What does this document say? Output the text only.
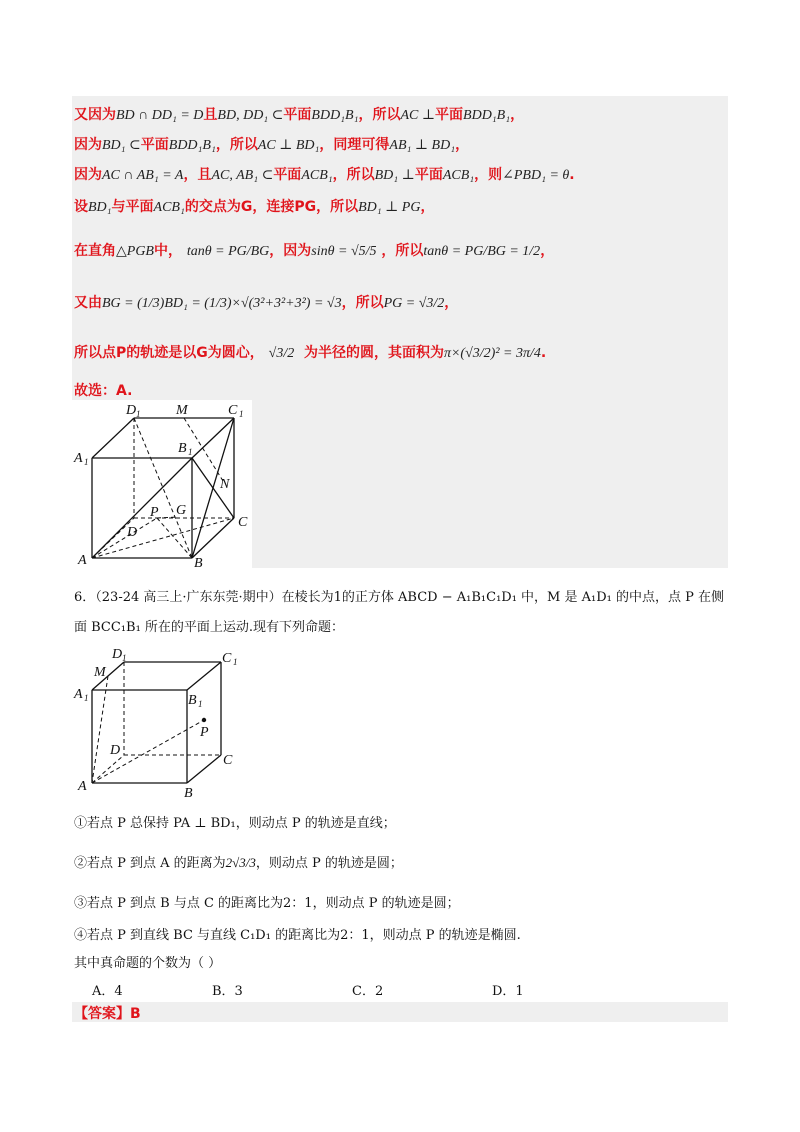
又因为BD ∩ DD₁ = D且BD, DD₁ ⊂平面BDD₁B₁，所以AC ⊥平面BDD₁B₁，
因为BD₁ ⊂平面BDD₁B₁，所以AC ⊥ BD₁，同理可得AB₁ ⊥ BD₁，
因为AC ∩ AB₁ = A，且AC, AB₁ ⊂平面ACB₁，所以BD₁ ⊥平面ACB₁，则∠PBD₁ = θ.
设BD₁与平面ACB₁的交点为G，连接PG，所以BD₁ ⊥ PG，
在直角△PGB中， tanθ = PG/BG，因为sinθ = √5/5 ，所以tanθ = PG/BG = 1/2，
又由BG = (1/3)BD₁ = (1/3)×√(3²+3²+3²) = √3，所以PG = √3/2，
所以点P的轨迹是以G为圆心， √3/2 为半径的圆，其面积为π×(√3/2)² = 3π/4.
故选：A.
D 1	M	C 1
A 1
B 1
N
P G
D
C
A	B
6．（23-24 高三上·广东东莞·期中）在棱长为1的正方体 ABCD − A₁B₁C₁D₁ 中，M 是 A₁D₁ 的中点，点 P 在侧
面 BCC₁B₁ 所在的平面上运动.现有下列命题：
D 1
M
C 1
A 1	B 1
P
D
C
A	B
①若点 P 总保持 PA ⊥ BD₁，则动点 P 的轨迹是直线；
②若点 P 到点 A 的距离为2√3/3，则动点 P 的轨迹是圆；
③若点 P 到点 B 与点 C 的距离比为2：1，则动点 P 的轨迹是圆；
④若点 P 到直线 BC 与直线 C₁D₁ 的距离比为2：1，则动点 P 的轨迹是椭圆.
其中真命题的个数为（ ）
A．4	B．3	C．2	D．1
【答案】B
